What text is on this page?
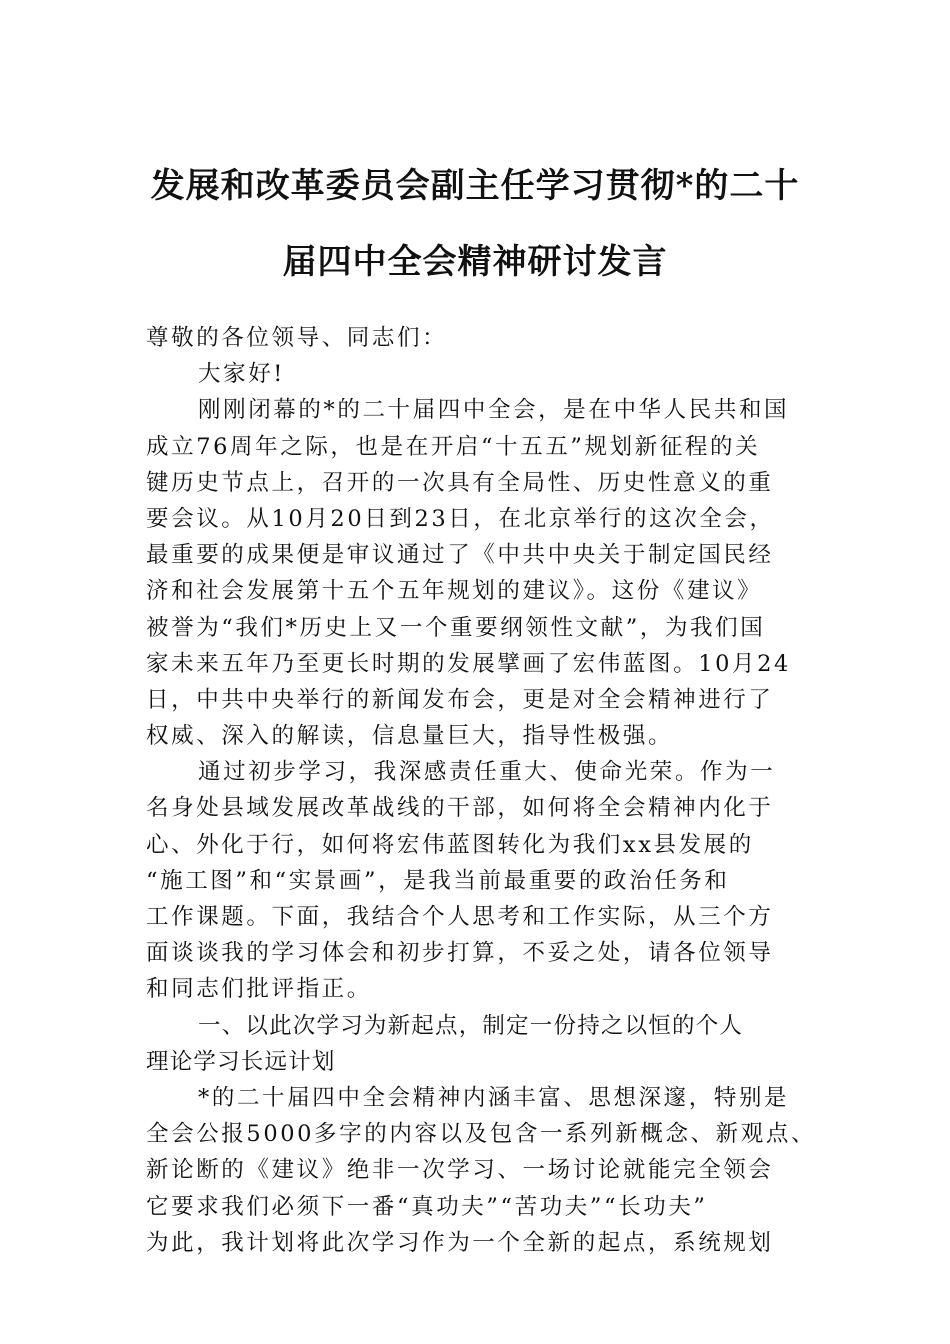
发展和改革委员会副主任学习贯彻*的二十
届四中全会精神研讨发言
尊敬的各位领导、同志们：
大家好!
刚刚闭幕的*的二十届四中全会，是在中华人民共和国
成立76周年之际，也是在开启“十五五”规划新征程的关
键历史节点上，召开的一次具有全局性、历史性意义的重
要会议。从10月20日到23日，在北京举行的这次全会，
最重要的成果便是审议通过了《中共中央关于制定国民经
济和社会发展第十五个五年规划的建议》。这份《建议》
被誉为“我们*历史上又一个重要纲领性文献”，为我们国
家未来五年乃至更长时期的发展擘画了宏伟蓝图。10月24
日，中共中央举行的新闻发布会，更是对全会精神进行了
权威、深入的解读，信息量巨大，指导性极强。
通过初步学习，我深感责任重大、使命光荣。作为一
名身处县域发展改革战线的干部，如何将全会精神内化于
心、外化于行，如何将宏伟蓝图转化为我们xx县发展的
“施工图”和“实景画”，是我当前最重要的政治任务和
工作课题。下面，我结合个人思考和工作实际，从三个方
面谈谈我的学习体会和初步打算，不妥之处，请各位领导
和同志们批评指正。
一、以此次学习为新起点，制定一份持之以恒的个人
理论学习长远计划
*的二十届四中全会精神内涵丰富、思想深邃，特别是
全会公报5000多字的内容以及包含一系列新概念、新观点、
新论断的《建议》绝非一次学习、一场讨论就能完全领会
它要求我们必须下一番“真功夫”“苦功夫”“长功夫”
为此，我计划将此次学习作为一个全新的起点，系统规划
